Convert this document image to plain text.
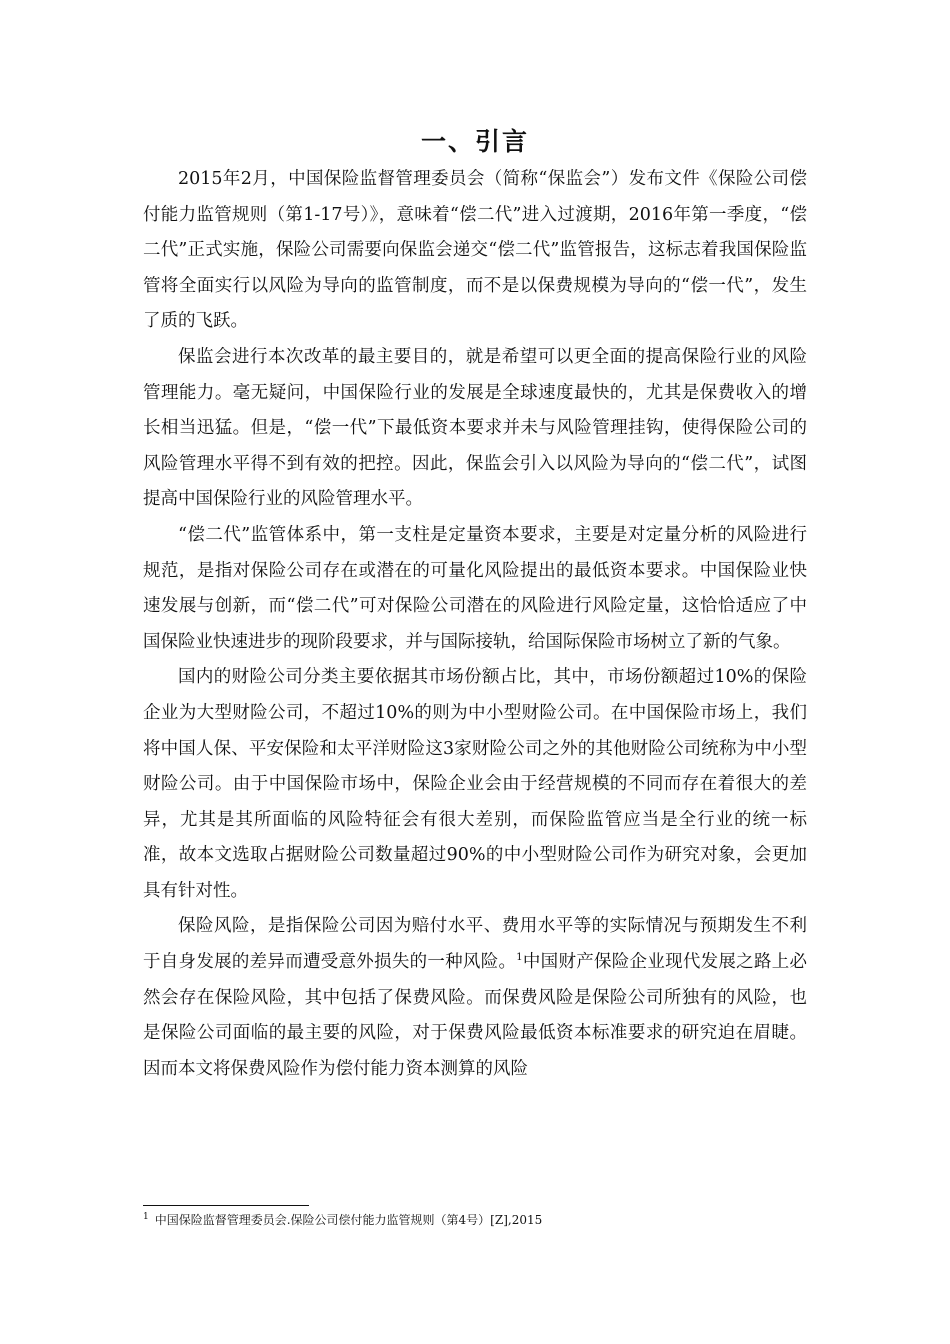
一、引言

2015年2月，中国保险监督管理委员会（简称“保监会”）发布文件《保险公司偿付能力监管规则（第1-17号）》，意味着“偿二代”进入过渡期，2016年第一季度，“偿二代”正式实施，保险公司需要向保监会递交“偿二代”监管报告，这标志着我国保险监管将全面实行以风险为导向的监管制度，而不是以保费规模为导向的“偿一代”，发生了质的飞跃。

保监会进行本次改革的最主要目的，就是希望可以更全面的提高保险行业的风险管理能力。毫无疑问，中国保险行业的发展是全球速度最快的，尤其是保费收入的增长相当迅猛。但是，“偿一代”下最低资本要求并未与风险管理挂钩，使得保险公司的风险管理水平得不到有效的把控。因此，保监会引入以风险为导向的“偿二代”，试图提高中国保险行业的风险管理水平。

“偿二代”监管体系中，第一支柱是定量资本要求，主要是对定量分析的风险进行规范，是指对保险公司存在或潜在的可量化风险提出的最低资本要求。中国保险业快速发展与创新，而“偿二代”可对保险公司潜在的风险进行风险定量，这恰恰适应了中国保险业快速进步的现阶段要求，并与国际接轨，给国际保险市场树立了新的气象。

国内的财险公司分类主要依据其市场份额占比，其中，市场份额超过10%的保险企业为大型财险公司，不超过10%的则为中小型财险公司。在中国保险市场上，我们将中国人保、平安保险和太平洋财险这3家财险公司之外的其他财险公司统称为中小型财险公司。由于中国保险市场中，保险企业会由于经营规模的不同而存在着很大的差异，尤其是其所面临的风险特征会有很大差别，而保险监管应当是全行业的统一标准，故本文选取占据财险公司数量超过90%的中小型财险公司作为研究对象，会更加具有针对性。

保险风险，是指保险公司因为赔付水平、费用水平等的实际情况与预期发生不利于自身发展的差异而遭受意外损失的一种风险。$^1$中国财产保险企业现代发展之路上必然会存在保险风险，其中包括了保费风险。而保费风险是保险公司所独有的风险，也是保险公司面临的最主要的风险，对于保费风险最低资本标准要求的研究迫在眉睫。因而本文将保费风险作为偿付能力资本测算的风险

$^1$ 中国保险监督管理委员会.保险公司偿付能力监管规则（第4号）[Z],2015
